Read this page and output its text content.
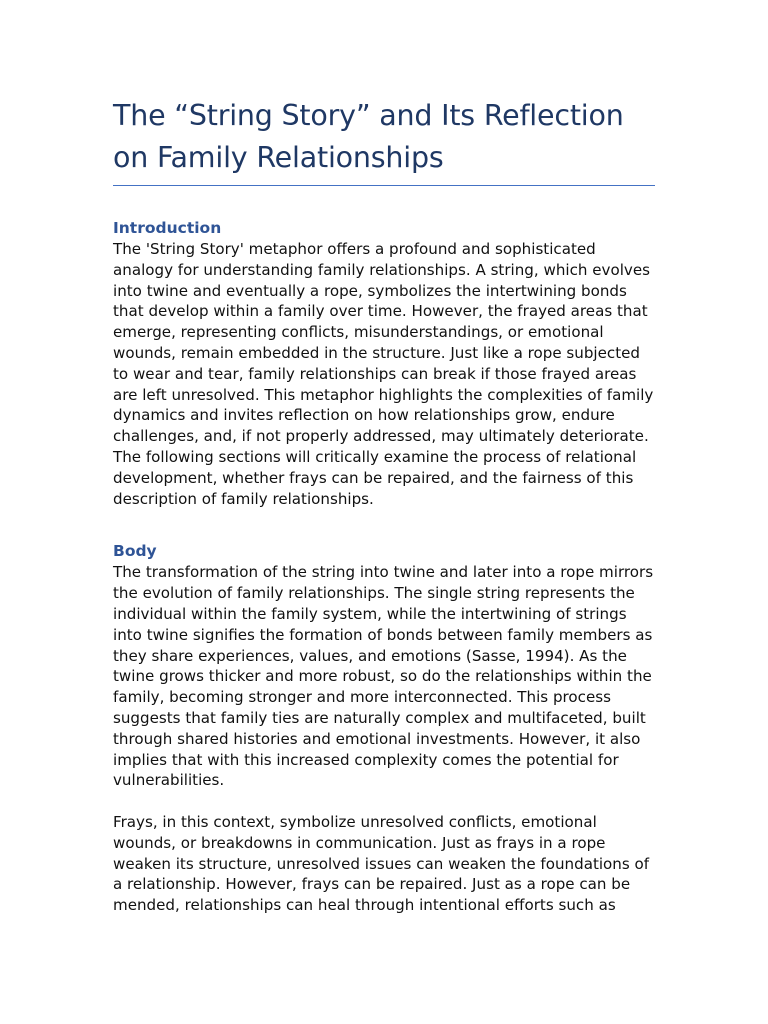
The “String Story” and Its Reflection on Family Relationships
Introduction

The 'String Story' metaphor offers a profound and sophisticated analogy for understanding family relationships. A string, which evolves into twine and eventually a rope, symbolizes the intertwining bonds that develop within a family over time. However, the frayed areas that emerge, representing conflicts, misunderstandings, or emotional wounds, remain embedded in the structure. Just like a rope subjected to wear and tear, family relationships can break if those frayed areas are left unresolved. This metaphor highlights the complexities of family dynamics and invites reflection on how relationships grow, endure challenges, and, if not properly addressed, may ultimately deteriorate. The following sections will critically examine the process of relational development, whether frays can be repaired, and the fairness of this description of family relationships.

Body

The transformation of the string into twine and later into a rope mirrors the evolution of family relationships. The single string represents the individual within the family system, while the intertwining of strings into twine signifies the formation of bonds between family members as they share experiences, values, and emotions (Sasse, 1994). As the twine grows thicker and more robust, so do the relationships within the family, becoming stronger and more interconnected. This process suggests that family ties are naturally complex and multifaceted, built through shared histories and emotional investments. However, it also implies that with this increased complexity comes the potential for vulnerabilities.

Frays, in this context, symbolize unresolved conflicts, emotional wounds, or breakdowns in communication. Just as frays in a rope weaken its structure, unresolved issues can weaken the foundations of a relationship. However, frays can be repaired. Just as a rope can be mended, relationships can heal through intentional efforts such as
